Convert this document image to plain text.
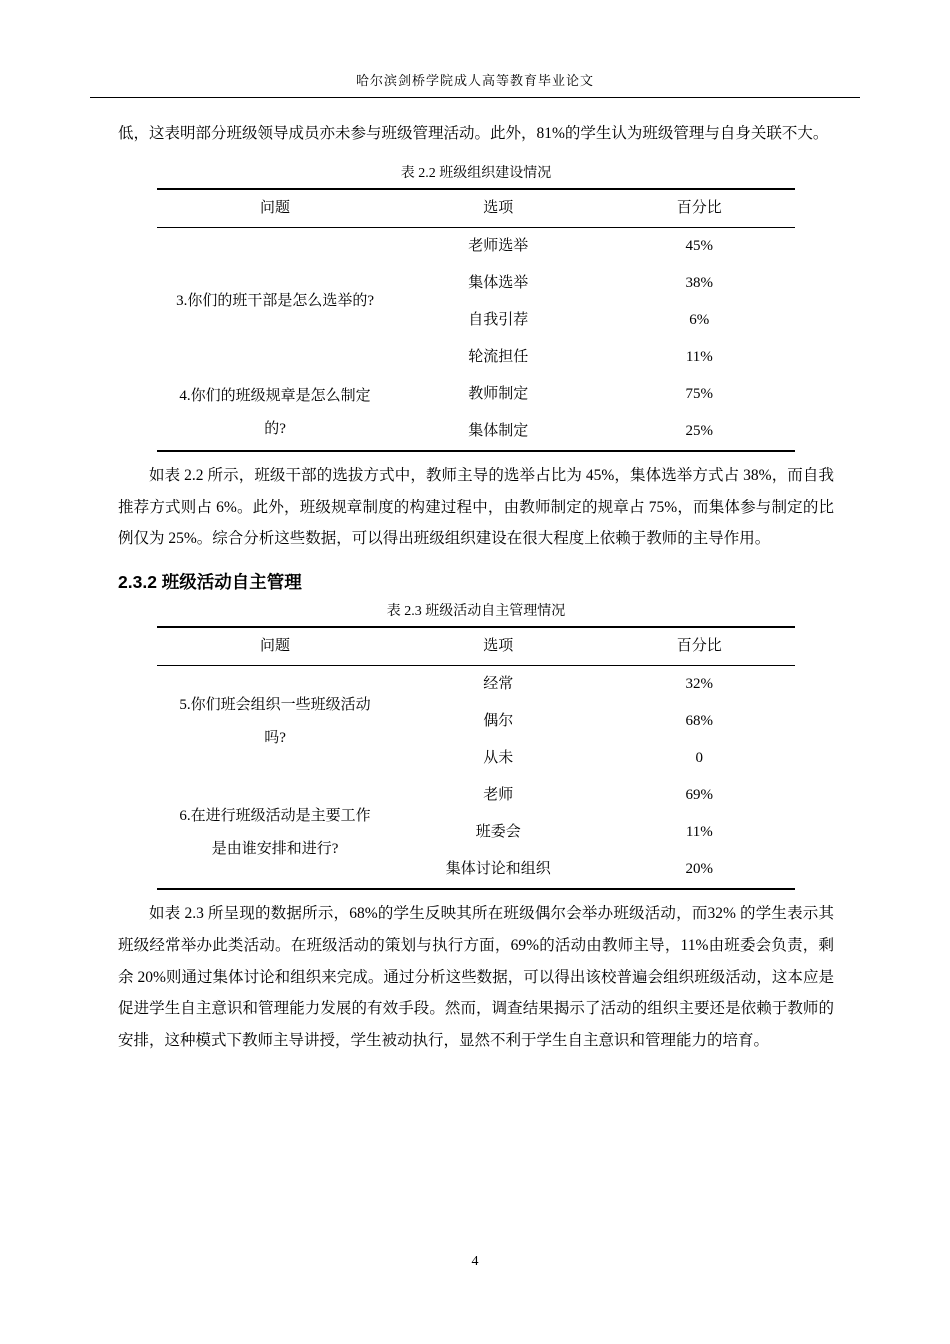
哈尔滨剑桥学院成人高等教育毕业论文

低，这表明部分班级领导成员亦未参与班级管理活动。此外，81%的学生认为班级管理与自身关联不大。

表 2.2 班级组织建设情况
问题	选项	百分比
3.你们的班干部是怎么选举的?	老师选举	45%
	集体选举	38%
	自我引荐	6%
	轮流担任	11%
4.你们的班级规章是怎么制定的?	教师制定	75%
	集体制定	25%

如表 2.2 所示，班级干部的选拔方式中，教师主导的选举占比为 45%，集体选举方式占 38%，而自我推荐方式则占 6%。此外，班级规章制度的构建过程中，由教师制定的规章占 75%，而集体参与制定的比例仅为 25%。综合分析这些数据，可以得出班级组织建设在很大程度上依赖于教师的主导作用。

2.3.2 班级活动自主管理
表 2.3 班级活动自主管理情况
问题	选项	百分比
5.你们班会组织一些班级活动吗?	经常	32%
	偶尔	68%
	从未	0
6.在进行班级活动是主要工作是由谁安排和进行?	老师	69%
	班委会	11%
	集体讨论和组织	20%

如表 2.3 所呈现的数据所示，68%的学生反映其所在班级偶尔会举办班级活动，而32% 的学生表示其班级经常举办此类活动。在班级活动的策划与执行方面，69%的活动由教师主导，11%由班委会负责，剩余 20%则通过集体讨论和组织来完成。通过分析这些数据，可以得出该校普遍会组织班级活动，这本应是促进学生自主意识和管理能力发展的有效手段。然而，调查结果揭示了活动的组织主要还是依赖于教师的安排，这种模式下教师主导讲授，学生被动执行，显然不利于学生自主意识和管理能力的培育。

4
